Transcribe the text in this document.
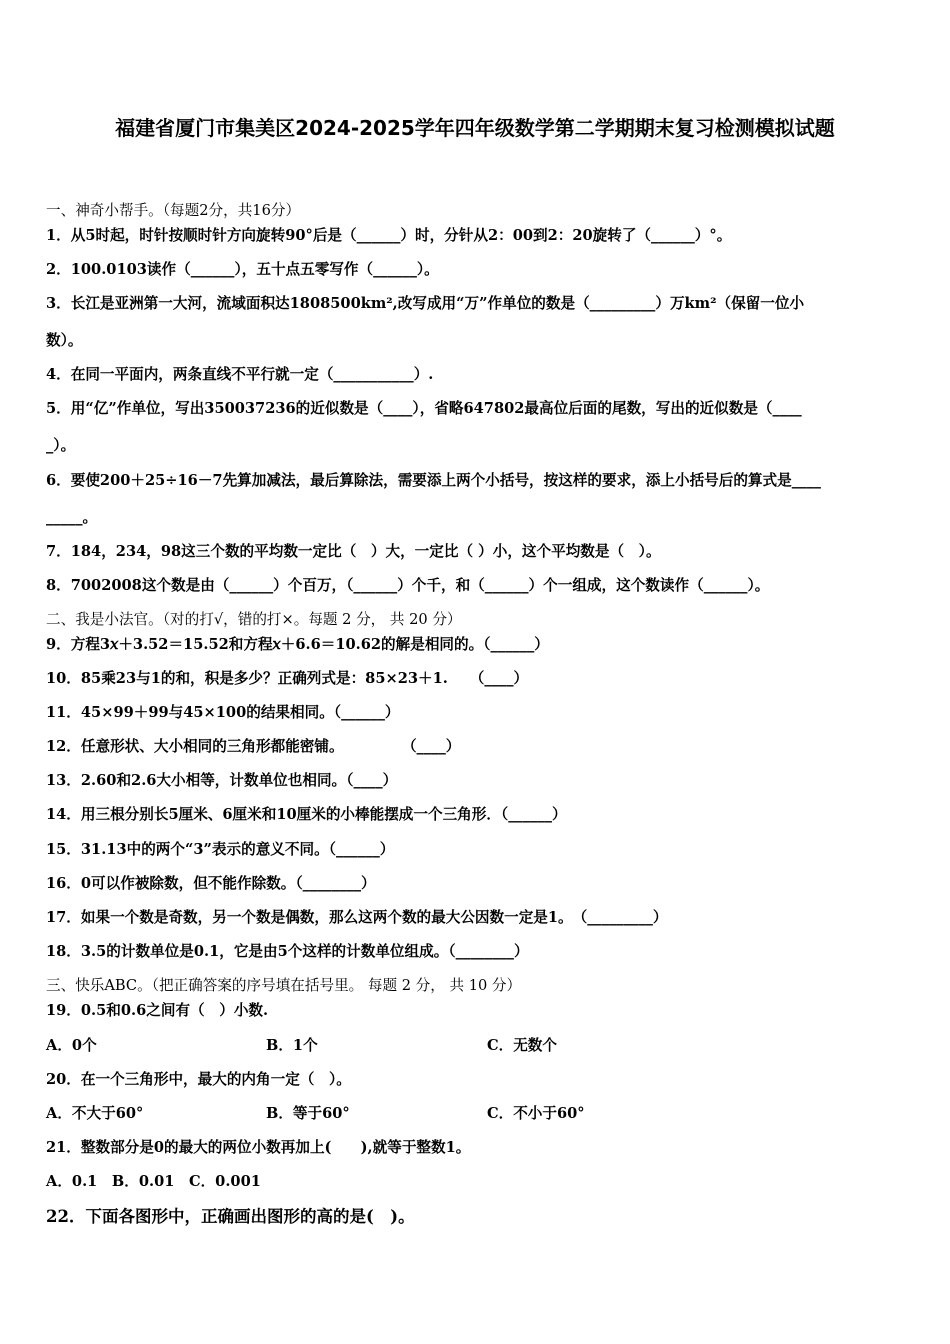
福建省厦门市集美区2024-2025学年四年级数学第二学期期末复习检测模拟试题
一、神奇小帮手。（每题2分，共16分）
1．从5时起，时针按顺时针方向旋转90°后是（______）时，分针从2：00到2：20旋转了（______）°。
2．100.0103读作（______），五十点五零写作（______）。
3．长江是亚洲第一大河，流域面积达1808500km²,改写成用“万”作单位的数是（_________）万km²（保留一位小
数）。
4．在同一平面内，两条直线不平行就一定（___________）.
5．用“亿”作单位，写出350037236的近似数是（____），省略647802最高位后面的尾数，写出的近似数是（____
_）。
6．要使200＋25÷16－7先算加减法，最后算除法，需要添上两个小括号，按这样的要求，添上小括号后的算式是____
_____。
7．184，234，98这三个数的平均数一定比（　）大，一定比（ ）小，这个平均数是（　）。
8．7002008这个数是由（______）个百万，（______）个千，和（______）个一组成，这个数读作（______）。
二、我是小法官。（对的打√，错的打×。每题 2 分， 共 20 分）
9．方程3𝑥＋3.52＝15.52和方程𝑥＋6.6＝10.62的解是相同的。（______）
10．85乘23与1的和，积是多少？正确列式是：85×23＋1.　　（____）
11．45×99＋99与45×100的结果相同。（______）
12．任意形状、大小相同的三角形都能密铺。　　　　　（____）
13．2.60和2.6大小相等，计数单位也相同。（____）
14．用三根分别长5厘米、6厘米和10厘米的小棒能摆成一个三角形．（______）
15．31.13中的两个“3”表示的意义不同。（______）
16．0可以作被除数，但不能作除数。（________）
17．如果一个数是奇数，另一个数是偶数，那么这两个数的最大公因数一定是1。　（_________）
18．3.5的计数单位是0.1，它是由5个这样的计数单位组成。（________）
三、快乐ABC。（把正确答案的序号填在括号里。 每题 2 分， 共 10 分）
19．0.5和0.6之间有（　）小数.
A．0个	B．1个	C．无数个
20．在一个三角形中，最大的内角一定（　）。
A．不大于60°	B．等于60°	C．不小于60°
21．整数部分是0的最大的两位小数再加上(　　),就等于整数1。
A．0.1　B．0.01　C．0.001
22．下面各图形中，正确画出图形的高的是(　)。
